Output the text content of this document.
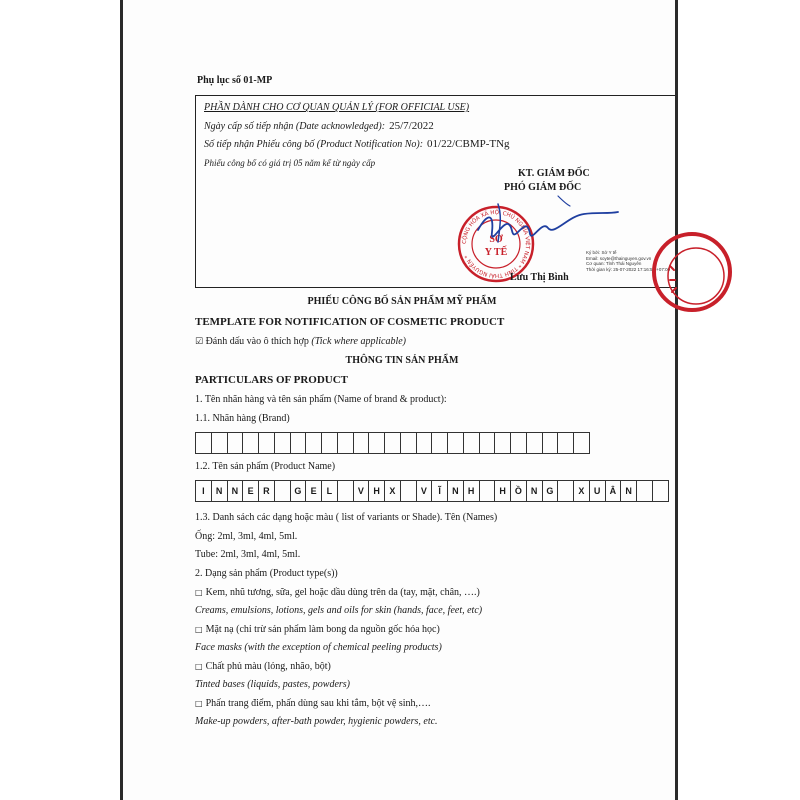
Phụ lục số 01-MP
PHẦN DÀNH CHO CƠ QUAN QUẢN LÝ (FOR OFFICIAL USE)
Ngày cấp số tiếp nhận (Date acknowledged): 25/7/2022
Số tiếp nhận Phiếu công bố (Product Notification No): 01/22/CBMP-TNg
Phiếu công bố có giá trị 05 năm kể từ ngày cấp
KT. GIÁM ĐỐC
PHÓ GIÁM ĐỐC
CỘNG HÒA XÃ HỘI CHỦ NGHĨA VIỆT NAM * TỈNH THÁI NGUYÊN *
SỞ
Y TẾ	Ký bởi: Sở Y tế
Email: soyte@thainguyen.gov.vn
Cơ quan: Tỉnh Thái Nguyên
Thời gian ký: 25-07-2022 17:16:53 +07:00
Lưu Thị Bình
PHIẾU CÔNG BỐ SẢN PHẨM MỸ PHẨM
TEMPLATE FOR NOTIFICATION OF COSMETIC PRODUCT
☑ Đánh dấu vào ô thích hợp (Tick where applicable)
THÔNG TIN SẢN PHẨM
PARTICULARS OF PRODUCT
1. Tên nhãn hàng và tên sản phẩm (Name of brand & product):
1.1. Nhãn hàng (Brand)
1.2. Tên sản phẩm (Product Name)
I	N	N	E	R	G	E	L	V	H	X	V	Ĩ	N	H	H Ồ	N G	X	U	Â	N
1.3. Danh sách các dạng hoặc màu ( list of variants or Shade). Tên (Names)
Ống: 2ml, 3ml, 4ml, 5ml.
Tube: 2ml, 3ml, 4ml, 5ml.
2. Dạng sản phẩm (Product type(s))
□ Kem, nhũ tương, sữa, gel hoặc dầu dùng trên da (tay, mặt, chân, ….)
Creams, emulsions, lotions, gels and oils for skin (hands, face, feet, etc)
□ Mặt nạ (chỉ trừ sản phẩm làm bong da nguồn gốc hóa học)
Face masks (with the exception of chemical peeling products)
□ Chất phủ màu (lỏng, nhão, bột)
Tinted bases (liquids, pastes, powders)
□ Phấn trang điểm, phấn dùng sau khi tắm, bột vệ sinh,….
Make-up powders, after-bath powder, hygienic powders, etc.
